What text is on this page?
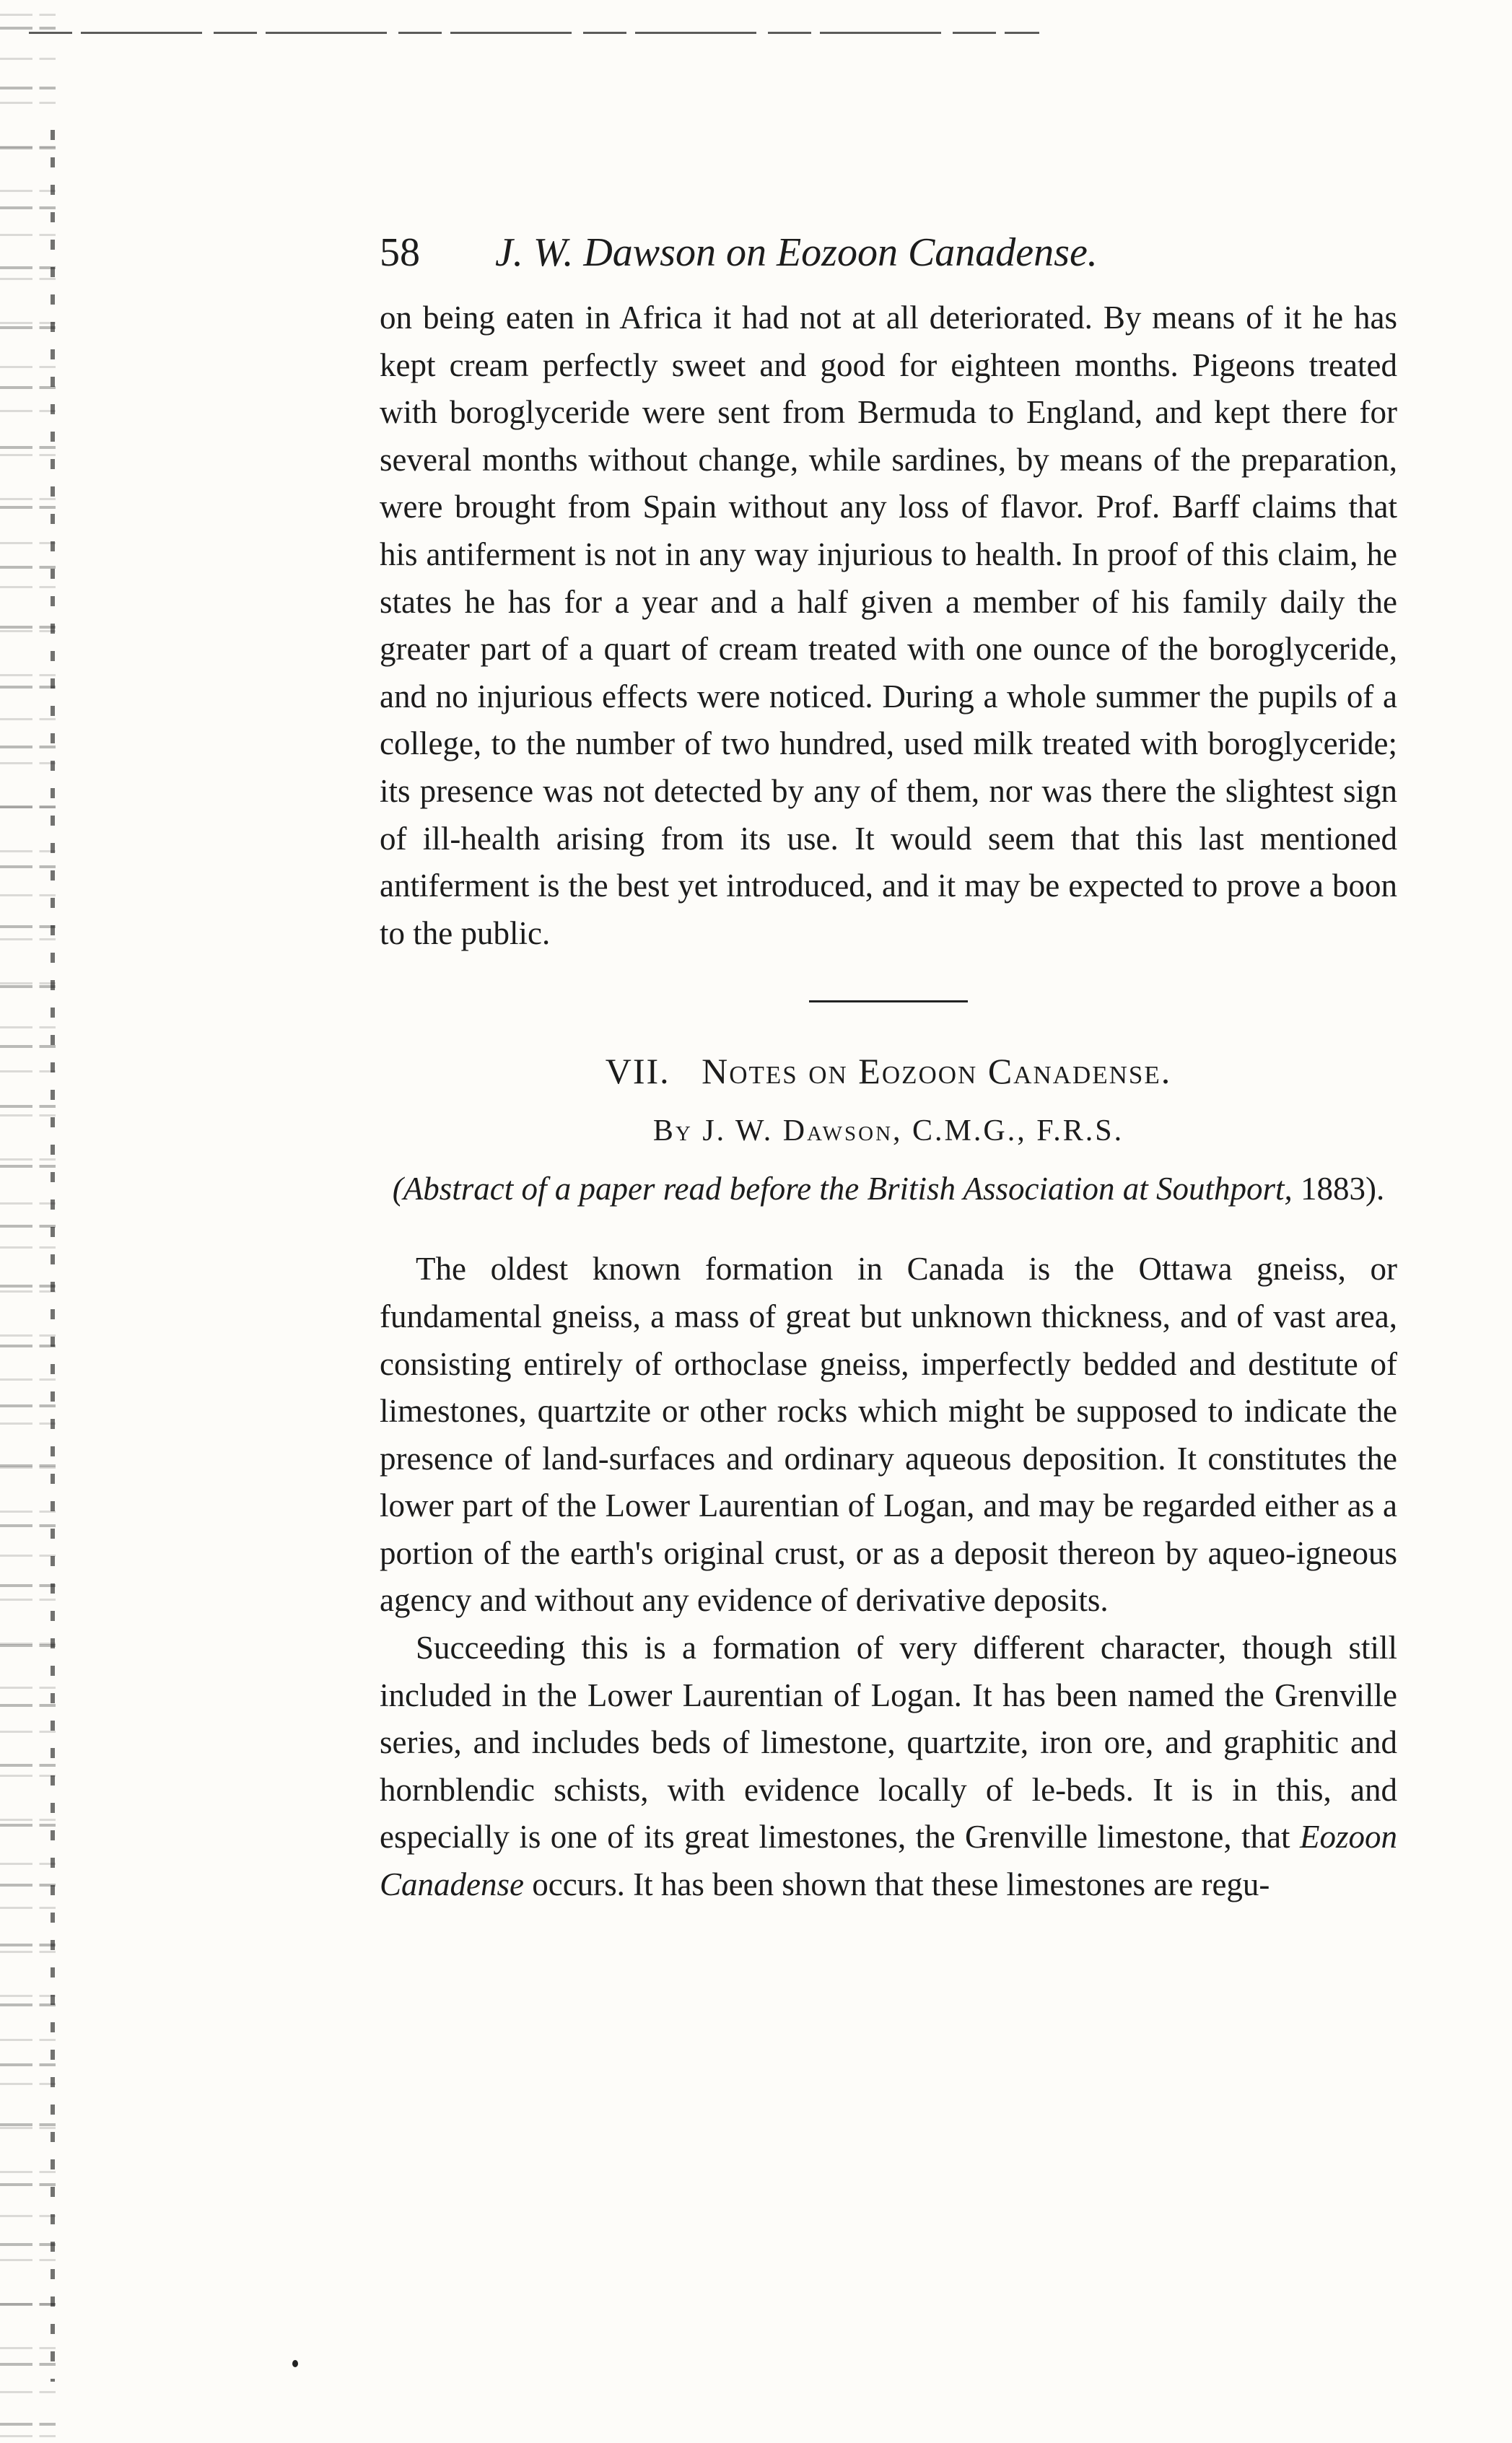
58	J. W. Dawson on Eozoon Canadense.

on being eaten in Africa it had not at all deteriorated. By means of it he has kept cream perfectly sweet and good for eighteen months. Pigeons treated with boroglyceride were sent from Bermuda to England, and kept there for several months without change, while sardines, by means of the preparation, were brought from Spain without any loss of flavor. Prof. Barff claims that his antiferment is not in any way injurious to health. In proof of this claim, he states he has for a year and a half given a member of his family daily the greater part of a quart of cream treated with one ounce of the boroglyceride, and no injurious effects were noticed. During a whole summer the pupils of a college, to the number of two hundred, used milk treated with boroglyceride; its presence was not detected by any of them, nor was there the slightest sign of ill-health arising from its use. It would seem that this last mentioned antiferment is the best yet introduced, and it may be expected to prove a boon to the public.

VII. Notes on Eozoon Canadense.
By J. W. Dawson, C.M.G., F.R.S.
(Abstract of a paper read before the British Association at Southport, 1883).

The oldest known formation in Canada is the Ottawa gneiss, or fundamental gneiss, a mass of great but unknown thickness, and of vast area, consisting entirely of orthoclase gneiss, imperfectly bedded and destitute of limestones, quartzite or other rocks which might be supposed to indicate the presence of land-surfaces and ordinary aqueous deposition. It constitutes the lower part of the Lower Laurentian of Logan, and may be regarded either as a portion of the earth's original crust, or as a deposit thereon by aqueo-igneous agency and without any evidence of derivative deposits.

Succeeding this is a formation of very different character, though still included in the Lower Laurentian of Logan. It has been named the Grenville series, and includes beds of limestone, quartzite, iron ore, and graphitic and hornblendic schists, with evidence locally of le-beds. It is in this, and especially is one of its great limestones, the Grenville limestone, that Eozoon Canadense occurs. It has been shown that these limestones are regu-
